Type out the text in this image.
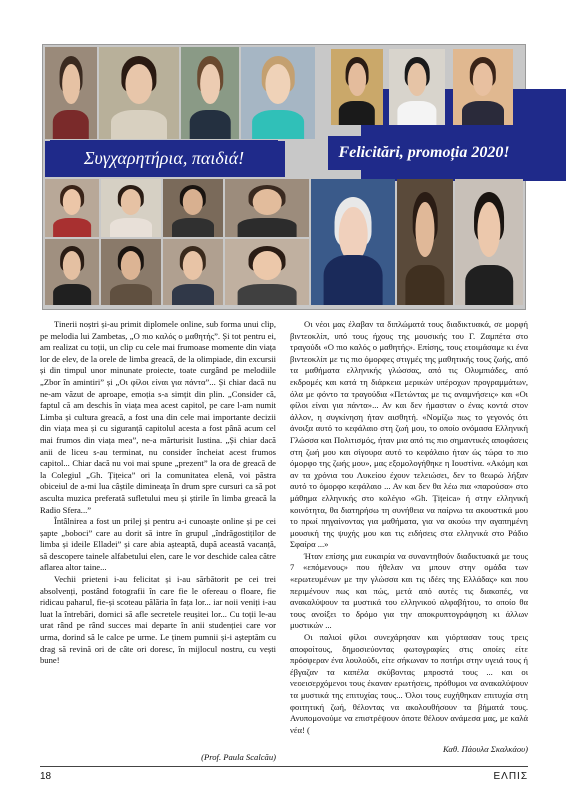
Συγχαρητήρια, παιδιά!	Felicitări, promoția 2020!

Tinerii noștri și-au primit diplomele online, sub forma unui clip, pe melodia lui Zambetas, „Ο πιο καλός ο μαθητής”. Și tot pentru ei, am realizat cu toții, un clip cu cele mai frumoase momente din viața lor de elev, de la orele de limba greacă, de la olimpiade, din excursii și din timpul unor minunate proiecte, toate curgând pe melodiile „Zbor în amintiri” și „Οι φίλοι είναι για πάντα”... Și chiar dacă nu ne-am văzut de aproape, emoția s-a simțit din plin. „Consider că, faptul că am deschis în viața mea acest capitol, pe care l-am numit Limba și cultura greacă, a fost una din cele mai importante decizii din viața mea și cu siguranță capitolul acesta a fost până acum cel mai frumos din viața mea”, ne-a mărturisit Iustina. „Și chiar dacă anii de liceu s-au terminat, nu consider încheiat acest frumos capitol... Chiar dacă nu voi mai spune „prezent” la ora de greacă de la Colegiul „Gh. Țițeica” ori la comunitatea elenă, voi păstra obiceiul de a-mi lua câștile dimineața în drum spre cursuri ca să pot asculta muzica preferată sufletului meu și știrile în limba greacă la Radio Sfera...”

Întâlnirea a fost un prilej și pentru a-i cunoaște online și pe cei șapte „boboci” care au dorit să intre în grupul „îndrăgostiților de limba și ideile Elladei” și care abia așteaptă, după această vacanță, să descopere tainele alfabetului elen, care le vor deschide calea către aflarea altor taine...

Vechii prieteni i-au felicitat și i-au sărbătorit pe cei trei absolvenți, postând fotografii în care fie le ofereau o floare, fie ridicau paharul, fie-și scoteau pălăria în fața lor... iar noii veniți i-au luat la întrebări, dornici să afle secretele reușitei lor... Cu toții le-au urat rând pe rând succes mai departe în anii studenției care vor urma, dorind să le calce pe urme. Le ținem pumnii și-i așteptăm cu drag să revină ori de câte ori doresc, în mijlocul nostru, cu vești bune!

(Prof. Paula Scalcău)

Οι νέοι μας έλαβαν τα διπλώματά τους διαδικτυακά, σε μορφή βιντεοκλίπ, υπό τους ήχους της μουσικής του Γ. Ζαμπέτα στο τραγούδι «Ο πιο καλός ο μαθητής». Επίσης, τους ετοιμάσαμε κι ένα βιντεοκλίπ με τις πιο όμορφες στιγμές της μαθητικής τους ζωής, από τα μαθήματα ελληνικής γλώσσας, από τις Ολυμπιάδες, από εκδρομές και κατά τη διάρκεια μερικών υπέροχων προγραμμάτων, όλα με φόντο τα τραγούδια «Πετώντας με τις αναμνήσεις» και «Οι φίλοι είναι για πάντα»... Αν και δεν ήμασταν ο ένας κοντά στον άλλον, η συγκίνηση ήταν αισθητή. «Νομίζω πως το γεγονός ότι άνοιξα αυτό το κεφάλαιο στη ζωή μου, το οποίο ονόμασα Ελληνική Γλώσσα και Πολιτισμός, ήταν μια από τις πιο σημαντικές αποφάσεις στη ζωή μου και σίγουρα αυτό το κεφάλαιο ήταν ώς τώρα το πιο όμορφο της ζωής μου», μας εξομολογήθηκε η Ιουστίνα. «Ακόμη και αν τα χρόνια του Λυκείου έχουν τελειώσει, δεν το θεωρώ λήξαν αυτό το όμορφο κεφάλαιο ... Αν και δεν θα λέω πια «παρούσα» στο μάθημα ελληνικής στο κολέγιο «Gh. Țițeica» ή στην ελληνική κοινότητα, θα διατηρήσω τη συνήθεια να παίρνω τα ακουστικά μου το πρωί πηγαίνοντας για μαθήματα, για να ακούω την αγαπημένη μουσική της ψυχής μου και τις ειδήσεις στα ελληνικά στο Ράδιο Σφαίρα ...»

Ήταν επίσης μια ευκαιρία να συναντηθούν διαδικτυακά με τους 7 «επόμενους» που ήθελαν να μπουν στην ομάδα των «ερωτευμένων με την γλώσσα και τις ιδέες της Ελλάδας» και που περιμένουν πως και πώς, μετά από αυτές τις διακοπές, να ανακαλύψουν τα μυστικά του ελληνικού αλφαβήτου, το οποίο θα τους ανοίξει το δρόμο για την αποκρυπτογράφηση κι άλλων μυστικών ...

Οι παλιοί φίλοι συνεχάρησαν και γιόρτασαν τους τρεις αποφοίτους, δημοσιεύοντας φωτογραφίες στις οποίες είτε πρόσφεραν ένα λουλούδι, είτε σήκωναν το ποτήρι στην υγειά τους ή έβγαζαν τα καπέλα σκύβοντας μπροστά τους ... και οι νεοεισερχόμενοι τους έκαναν ερωτήσεις, πρόθυμοι να ανακαλύψουν τα μυστικά της επιτυχίας τους... Όλοι τους ευχήθηκαν επιτυχία στη φοιτητική ζωή, θέλοντας να ακολουθήσουν τα βήματά τους. Ανυπομονούμε να επιστρέψουν όποτε θέλουν ανάμεσα μας, με καλά νέα! (

Καθ. Πάουλα Σκαλκάου)
18	ΕΛΠΙΣ
